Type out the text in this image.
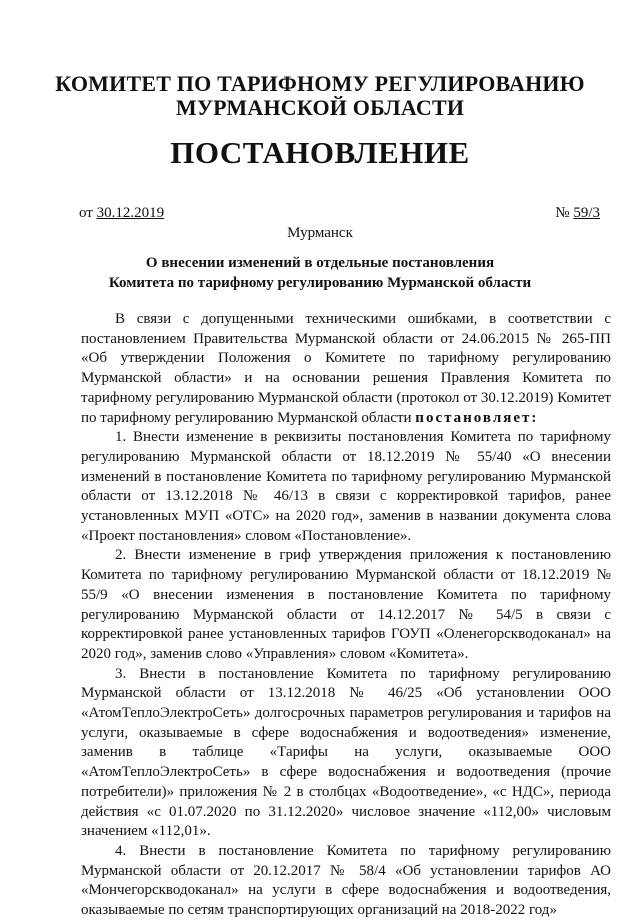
КОМИТЕТ ПО ТАРИФНОМУ РЕГУЛИРОВАНИЮ
МУРМАНСКОЙ ОБЛАСТИ
ПОСТАНОВЛЕНИЕ
от 30.12.2019	№ 59/3
Мурманск
О внесении изменений в отдельные постановления
Комитета по тарифному регулированию Мурманской области

В связи с допущенными техническими ошибками, в соответствии с постановлением Правительства Мурманской области от 24.06.2015 № 265-ПП «Об утверждении Положения о Комитете по тарифному регулированию Мурманской области» и на основании решения Правления Комитета по тарифному регулированию Мурманской области (протокол от 30.12.2019) Комитет по тарифному регулированию Мурманской области постановляет:

1. Внести изменение в реквизиты постановления Комитета по тарифному регулированию Мурманской области от 18.12.2019 № 55/40 «О внесении изменений в постановление Комитета по тарифному регулированию Мурманской области от 13.12.2018 № 46/13 в связи с корректировкой тарифов, ранее установленных МУП «ОТС» на 2020 год», заменив в названии документа слова «Проект постановления» словом «Постановление».

2. Внести изменение в гриф утверждения приложения к постановлению Комитета по тарифному регулированию Мурманской области от 18.12.2019 № 55/9 «О внесении изменения в постановление Комитета по тарифному регулированию Мурманской области от 14.12.2017 № 54/5 в связи с корректировкой ранее установленных тарифов ГОУП «Оленегорскводоканал» на 2020 год», заменив слово «Управления» словом «Комитета».

3. Внести в постановление Комитета по тарифному регулированию Мурманской области от 13.12.2018 № 46/25 «Об установлении ООО «АтомТеплоЭлектроСеть» долгосрочных параметров регулирования и тарифов на услуги, оказываемые в сфере водоснабжения и водоотведения» изменение, заменив в таблице «Тарифы на услуги, оказываемые ООО «АтомТеплоЭлектроСеть» в сфере водоснабжения и водоотведения (прочие потребители)» приложения № 2 в столбцах «Водоотведение», «с НДС», периода действия «с 01.07.2020 по 31.12.2020» числовое значение «112,00» числовым значением «112,01».

4. Внести в постановление Комитета по тарифному регулированию Мурманской области от 20.12.2017 № 58/4 «Об установлении тарифов АО «Мончегорскводоканал» на услуги в сфере водоснабжения и водоотведения, оказываемые по сетям транспортирующих организаций на 2018-2022 год»
